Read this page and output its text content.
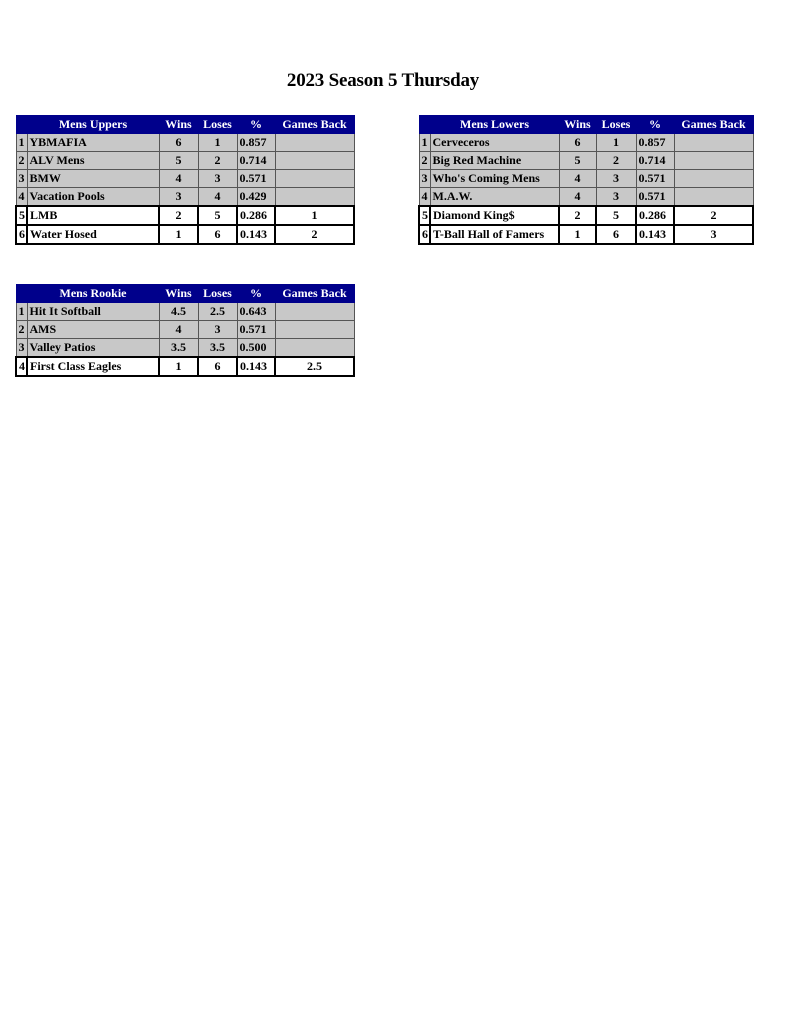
2023 Season 5 Thursday
	Mens Uppers	Wins	Loses	%	Games Back
1	YBMAFIA	6	1	0.857	
2	ALV Mens	5	2	0.714	
3	BMW	4	3	0.571	
4	Vacation Pools	3	4	0.429	
5	LMB	2	5	0.286	1
6	Water Hosed	1	6	0.143	2
	Mens Lowers	Wins	Loses	%	Games Back
1	Cerveceros	6	1	0.857	
2	Big Red Machine	5	2	0.714	
3	Who's Coming Mens	4	3	0.571	
4	M.A.W.	4	3	0.571	
5	Diamond King$	2	5	0.286	2
6	T-Ball Hall of Famers	1	6	0.143	3
	Mens Rookie	Wins	Loses	%	Games Back
1	Hit It Softball	4.5	2.5	0.643	
2	AMS	4	3	0.571	
3	Valley Patios	3.5	3.5	0.500	
4	First Class Eagles	1	6	0.143	2.5
